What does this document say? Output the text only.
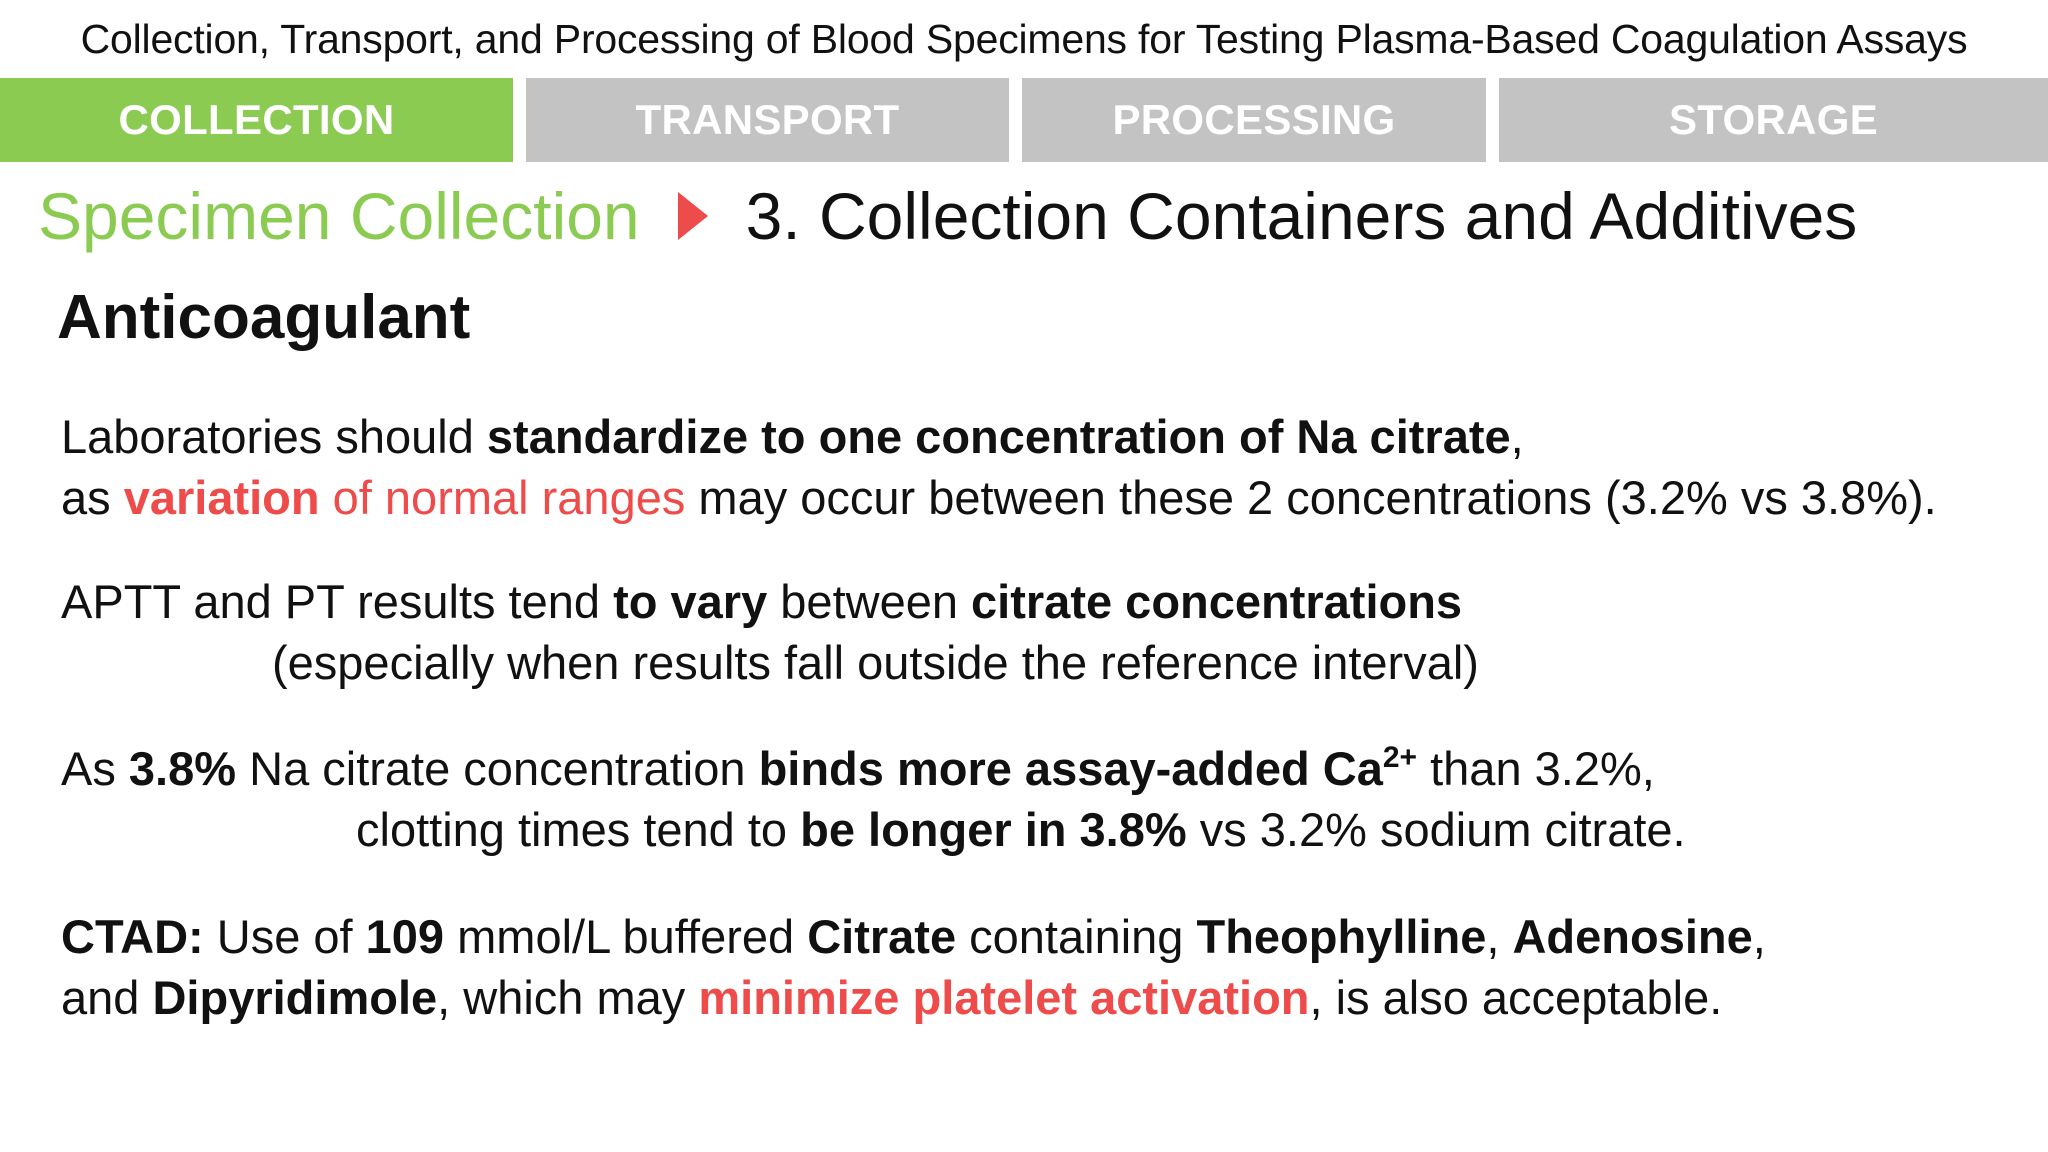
Collection, Transport, and Processing of Blood Specimens for Testing Plasma-Based Coagulation Assays
COLLECTION	TRANSPORT	PROCESSING	STORAGE
Specimen Collection 3. Collection Containers and Additives
Anticoagulant
Laboratories should standardize to one concentration of Na citrate,
as variation of normal ranges may occur between these 2 concentrations (3.2% vs 3.8%).
APTT and PT results tend to vary between citrate concentrations
(especially when results fall outside the reference interval)
As 3.8% Na citrate concentration binds more assay-added $Ca^{2+}$ than 3.2%,
clotting times tend to be longer in 3.8% vs 3.2% sodium citrate.
CTAD: Use of 109 mmol/L buffered Citrate containing Theophylline, Adenosine,
and Dipyridimole, which may minimize platelet activation, is also acceptable.
